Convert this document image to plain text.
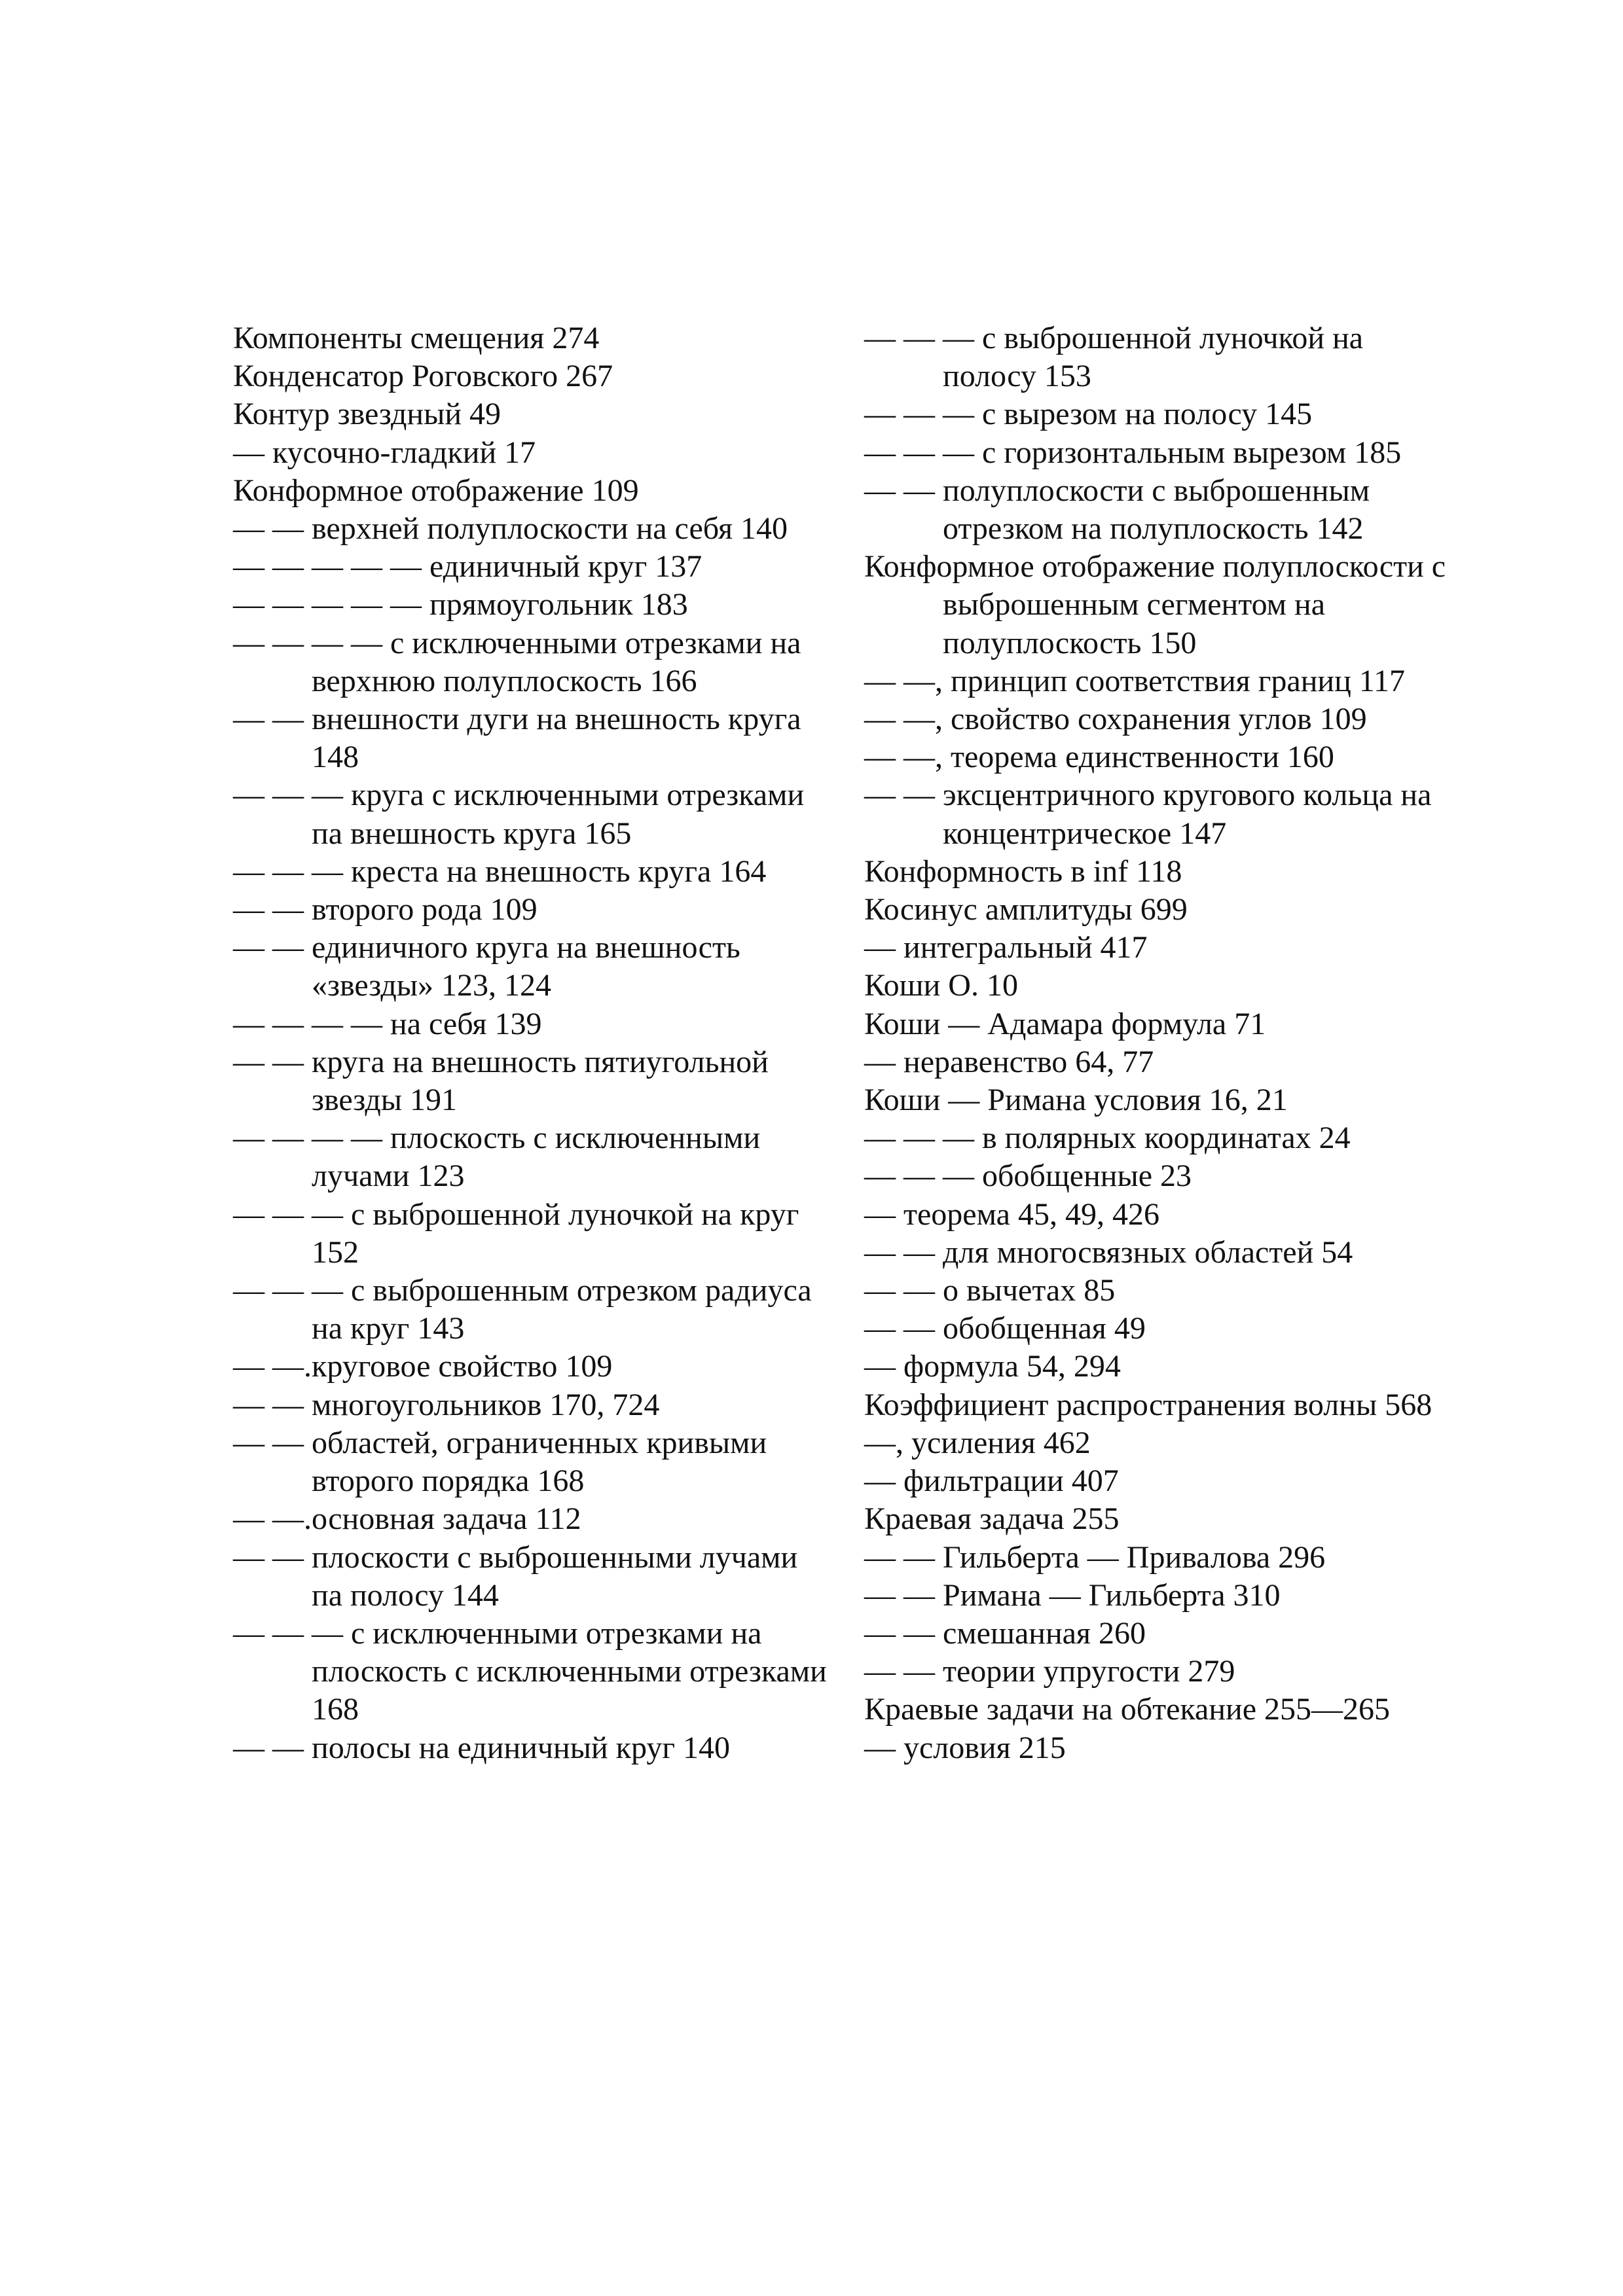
Компоненты смещения 274

Конденсатор Роговского 267

Контур звездный 49

— кусочно-гладкий 17

Конформное отображение 109

— — верхней полуплоскости на себя 140

— — — — — единичный круг 137

— — — — — прямоугольник 183

— — — — с исключенными отрезками на верхнюю полуплоскость 166

— — внешности дуги на внешность круга 148

— — — круга с исключенными отрезками па внешность круга 165

— — — креста на внешность круга 164

— — второго рода 109

— — единичного круга на внешность «звезды» 123, 124

— — — — на себя 139

— — круга на внешность пятиугольной звезды 191

— — — — плоскость с исключенными лучами 123

— — — с выброшенной луночкой на круг 152

— — — с выброшенным отрезком радиуса на круг 143

— —.круговое свойство 109

— — многоугольников 170, 724

— — областей, ограниченных кривыми второго порядка 168

— —.основная задача 112

— — плоскости с выброшенными лучами па полосу 144

— — — с исключенными отрезками на плоскость с исключенными отрезками 168

— — полосы на единичный круг 140

— — — с выброшенной луночкой на полосу 153

— — — с вырезом на полосу 145

— — — с горизонтальным вырезом 185

— — полуплоскости с выброшенным отрезком на полуплоскость 142

Конформное отображение полуплоскости с выброшенным сегментом на полуплоскость 150

— —, принцип соответствия границ 117

— —, свойство сохранения углов 109

— —, теорема единственности 160

— — эксцентричного кругового кольца на концентрическое 147

Конформность в inf 118

Косинус амплитуды 699

— интегральный 417

Коши О. 10

Коши — Адамара формула 71

— неравенство 64, 77

Коши — Римана условия 16, 21

— — — в полярных координатах 24

— — — обобщенные 23

— теорема 45, 49, 426

— — для многосвязных областей 54

— — о вычетах 85

— — обобщенная 49

— формула 54, 294

Коэффициент распространения волны 568

—, усиления 462

— фильтрации 407

Краевая задача 255

— — Гильберта — Привалова 296

— — Римана — Гильберта 310

— — смешанная 260

— — теории упругости 279

Краевые задачи на обтекание 255—265

— условия 215
